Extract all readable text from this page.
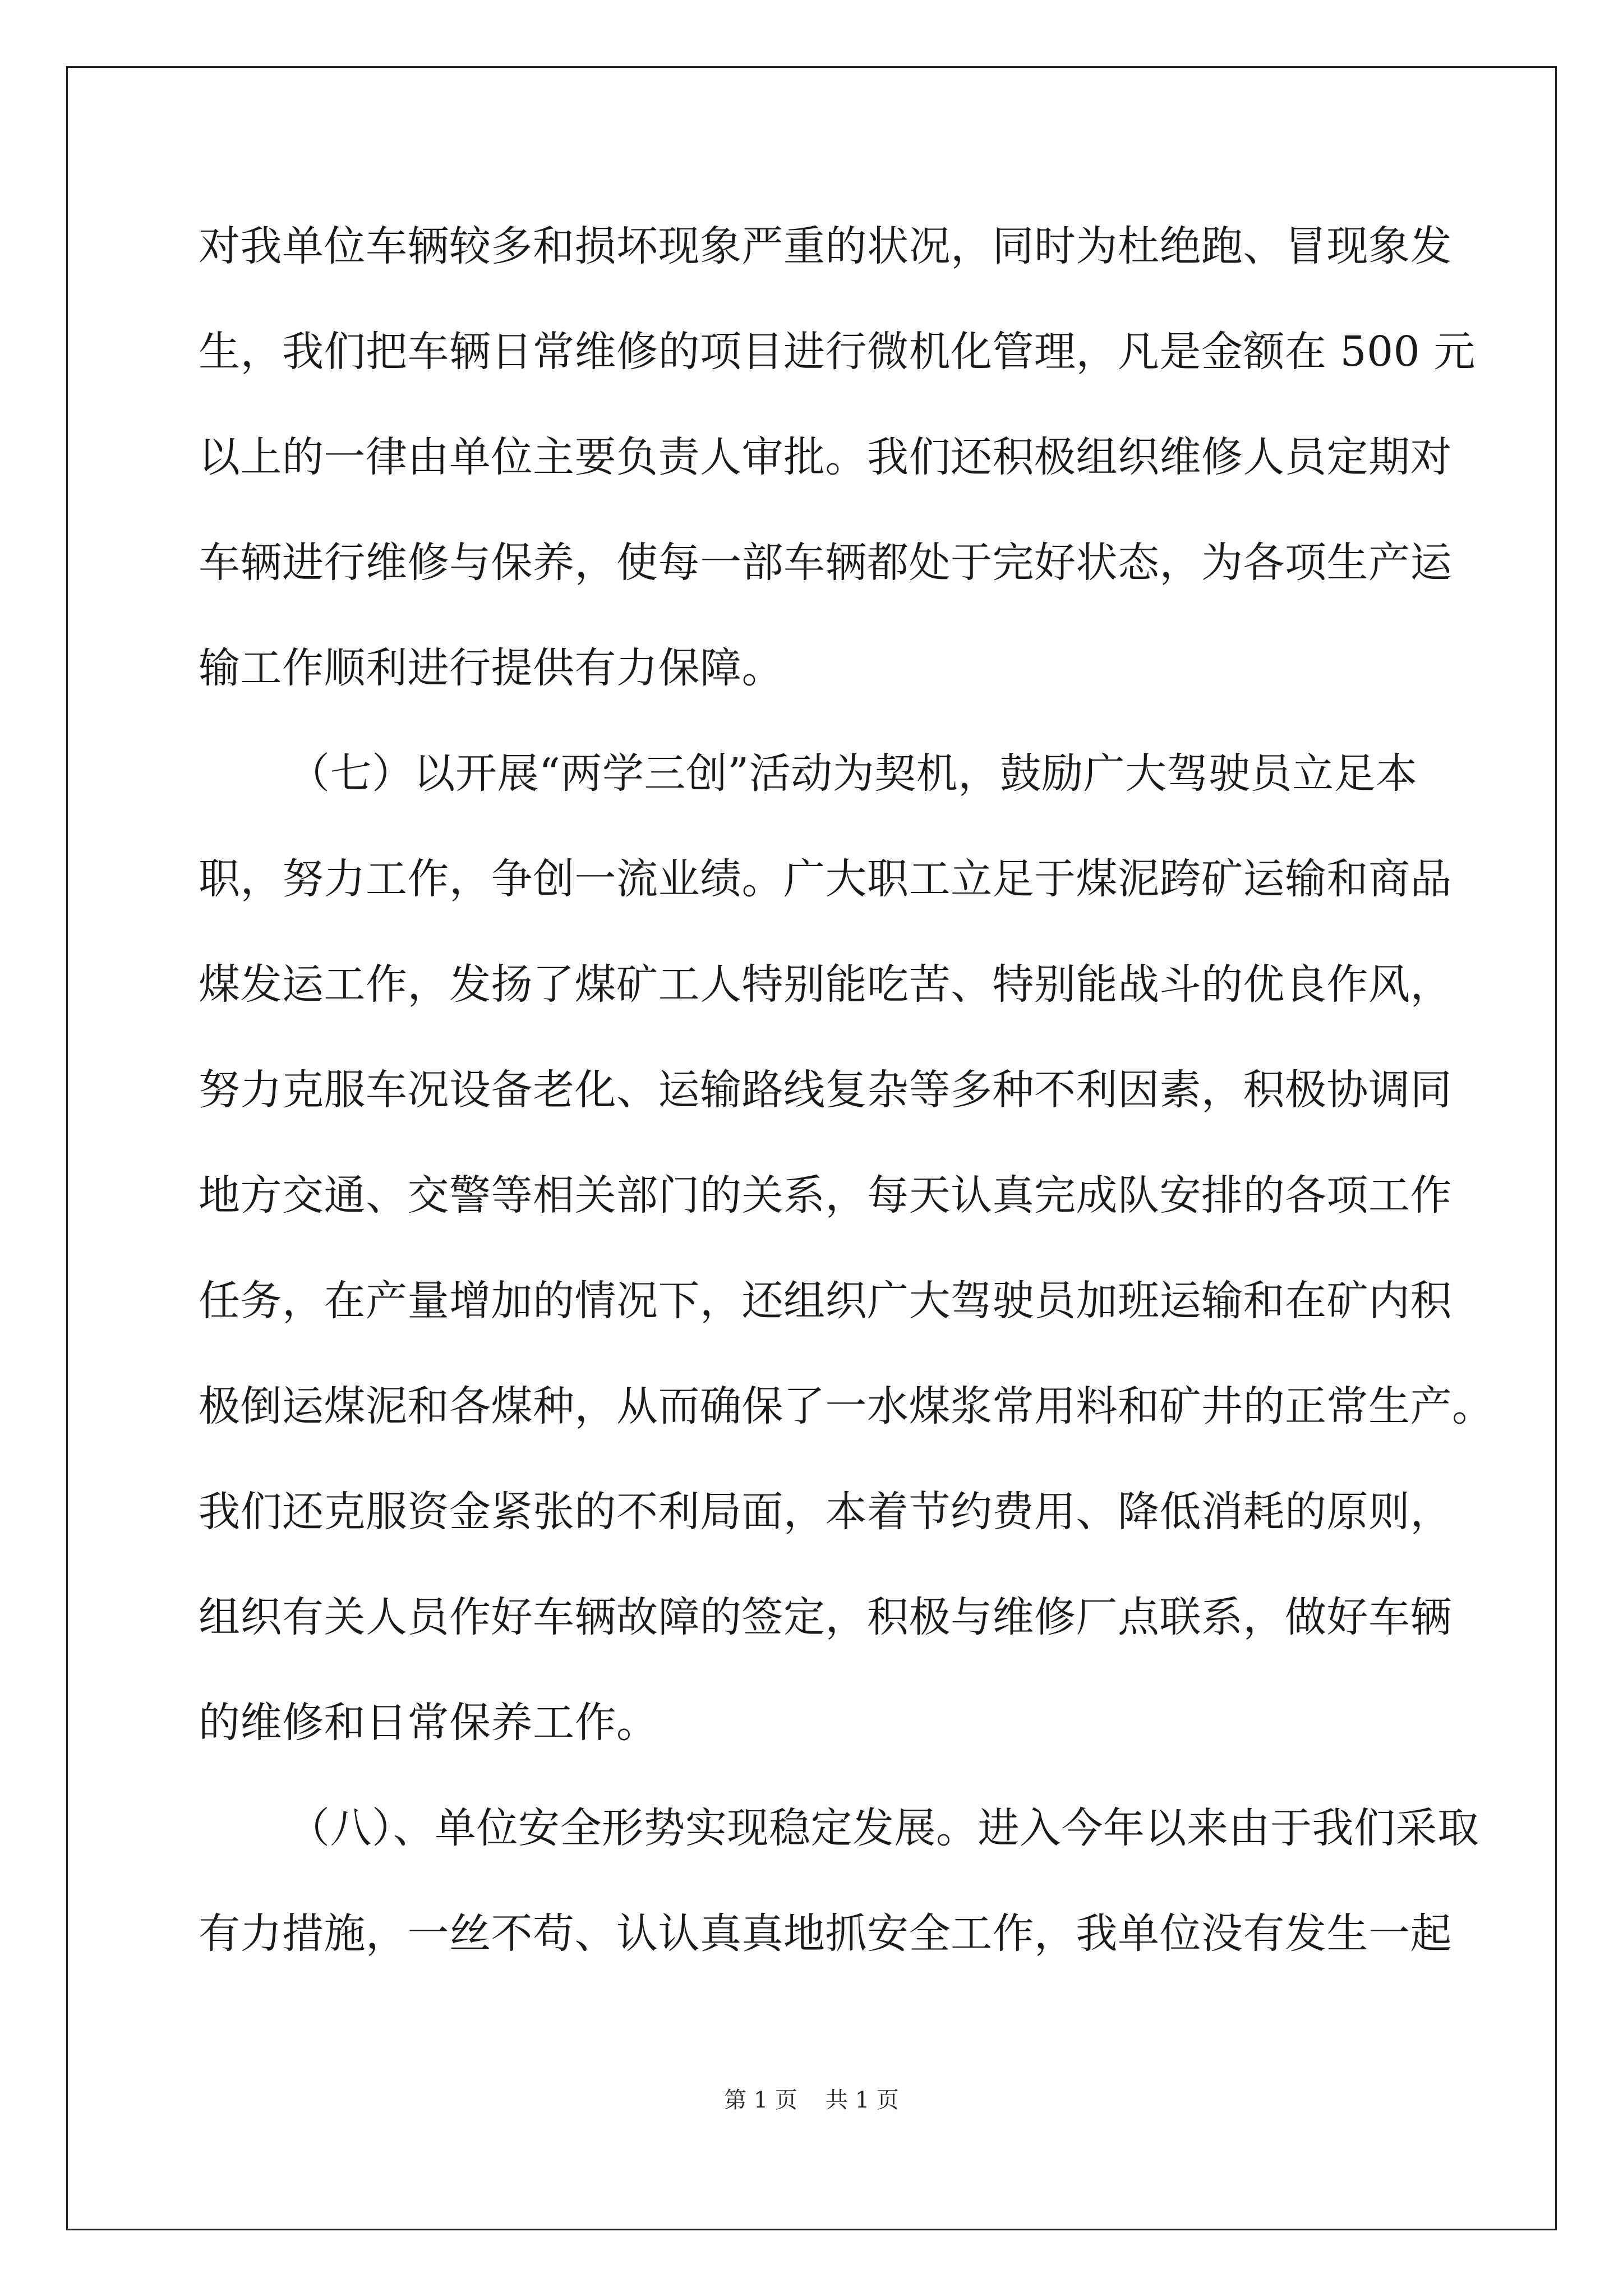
对我单位车辆较多和损坏现象严重的状况，同时为杜绝跑、冒现象发
生，我们把车辆日常维修的项目进行微机化管理，凡是金额在 500 元
以上的一律由单位主要负责人审批。我们还积极组织维修人员定期对
车辆进行维修与保养，使每一部车辆都处于完好状态，为各项生产运
输工作顺利进行提供有力保障。
（七）以开展“两学三创”活动为契机，鼓励广大驾驶员立足本
职，努力工作，争创一流业绩。广大职工立足于煤泥跨矿运输和商品
煤发运工作，发扬了煤矿工人特别能吃苦、特别能战斗的优良作风，
努力克服车况设备老化、运输路线复杂等多种不利因素，积极协调同
地方交通、交警等相关部门的关系，每天认真完成队安排的各项工作
任务，在产量增加的情况下，还组织广大驾驶员加班运输和在矿内积
极倒运煤泥和各煤种，从而确保了一水煤浆常用料和矿井的正常生产。
我们还克服资金紧张的不利局面，本着节约费用、降低消耗的原则，
组织有关人员作好车辆故障的签定，积极与维修厂点联系，做好车辆
的维修和日常保养工作。
（八）、单位安全形势实现稳定发展。进入今年以来由于我们采取
有力措施，一丝不苟、认认真真地抓安全工作，我单位没有发生一起
第 1 页 共 1 页
